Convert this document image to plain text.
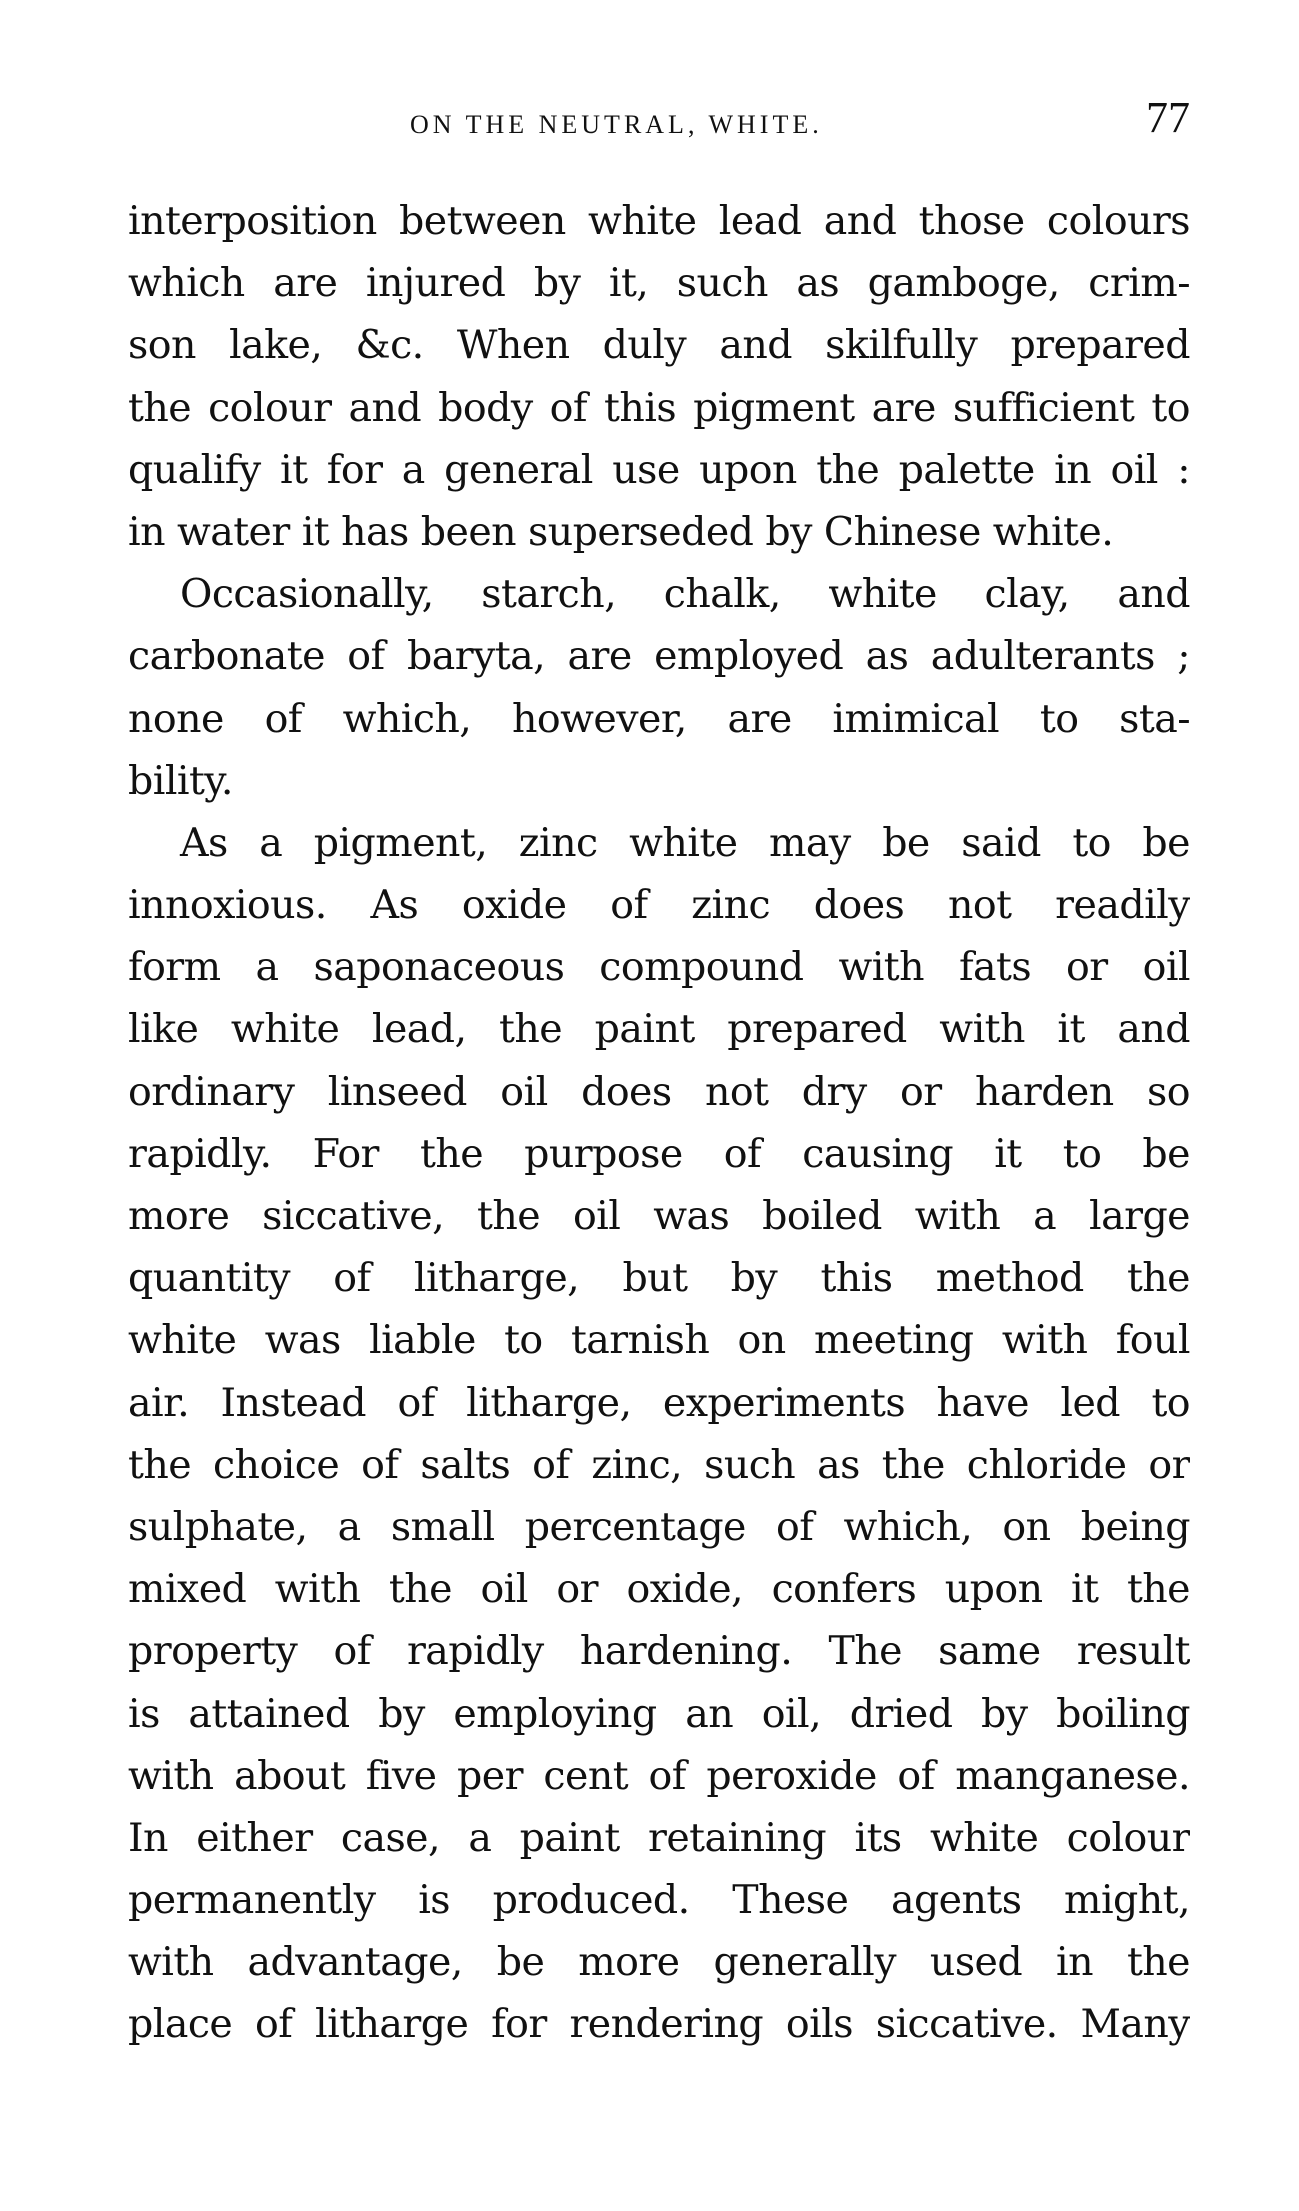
ON THE NEUTRAL, WHITE.	77
interposition between white lead and those colours
which are injured by it, such as gamboge, crim-
son lake, &c. When duly and skilfully prepared
the colour and body of this pigment are sufficient to
qualify it for a general use upon the palette in oil :
in water it has been superseded by Chinese white.
Occasionally, starch, chalk, white clay, and
carbonate of baryta, are employed as adulterants ;
none of which, however, are imimical to sta-
bility.
As a pigment, zinc white may be said to be
innoxious. As oxide of zinc does not readily
form a saponaceous compound with fats or oil
like white lead, the paint prepared with it and
ordinary linseed oil does not dry or harden so
rapidly. For the purpose of causing it to be
more siccative, the oil was boiled with a large
quantity of litharge, but by this method the
white was liable to tarnish on meeting with foul
air. Instead of litharge, experiments have led to
the choice of salts of zinc, such as the chloride or
sulphate, a small percentage of which, on being
mixed with the oil or oxide, confers upon it the
property of rapidly hardening. The same result
is attained by employing an oil, dried by boiling
with about five per cent of peroxide of manganese.
In either case, a paint retaining its white colour
permanently is produced. These agents might,
with advantage, be more generally used in the
place of litharge for rendering oils siccative. Many
